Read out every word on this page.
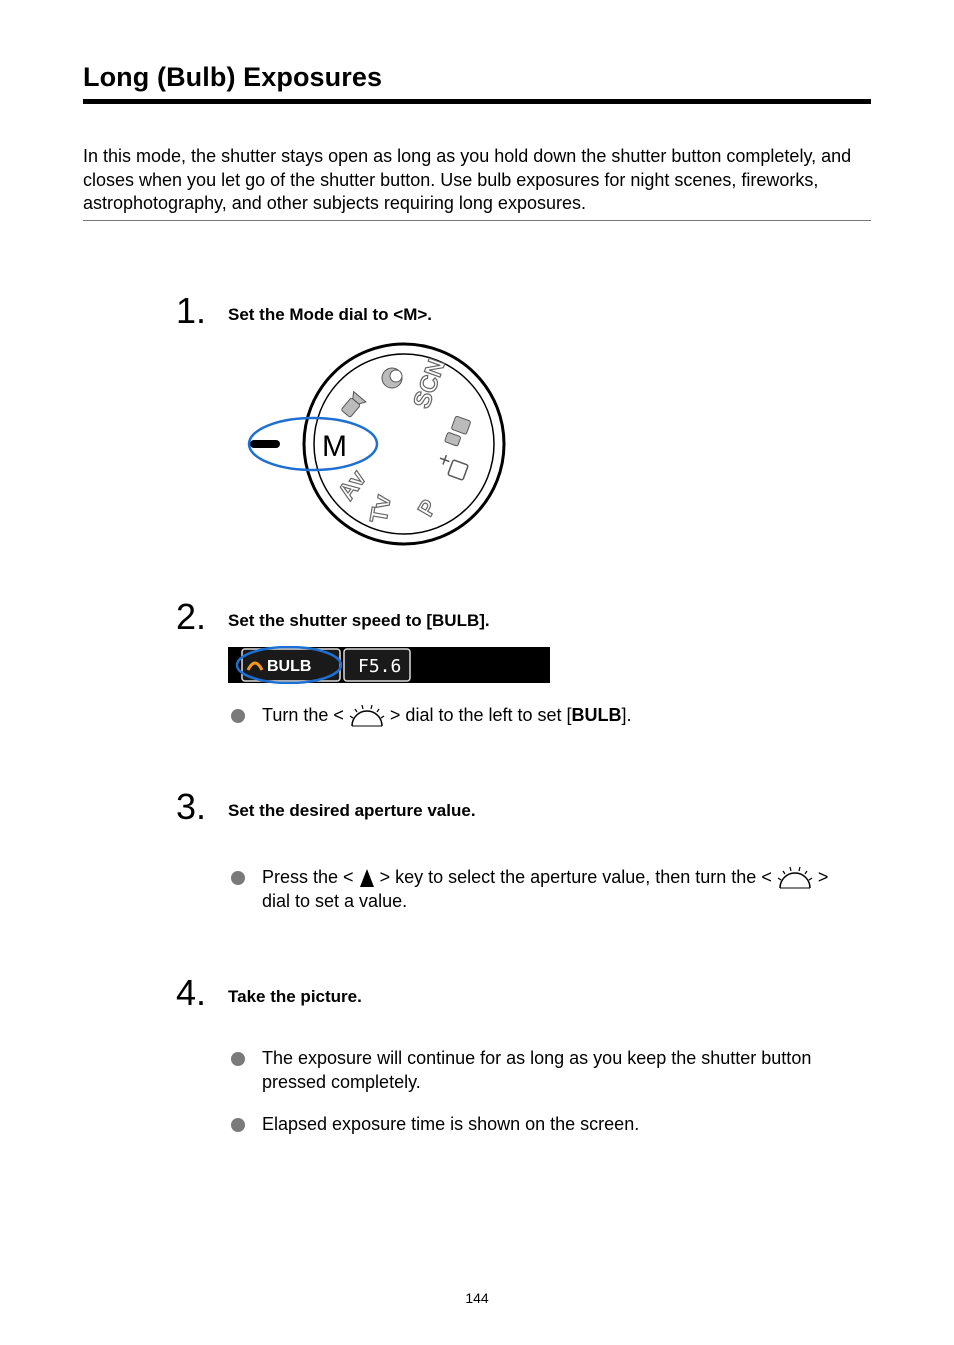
Long (Bulb) Exposures

In this mode, the shutter stays open as long as you hold down the shutter button completely, and closes when you let go of the shutter button. Use bulb exposures for night scenes, fireworks, astrophotography, and other subjects requiring long exposures.

1. Set the Mode dial to <M>.
SCN
P
Tv
Av
M
2. Set the shutter speed to [BULB].
BULB	F5.6
Turn the <	> dial to the left to set [BULB].
3. Set the desired aperture value.
Press the < > key to select the aperture value, then turn the <	>
dial to set a value.
4. Take the picture.
The exposure will continue for as long as you keep the shutter button
pressed completely.
Elapsed exposure time is shown on the screen.
144
